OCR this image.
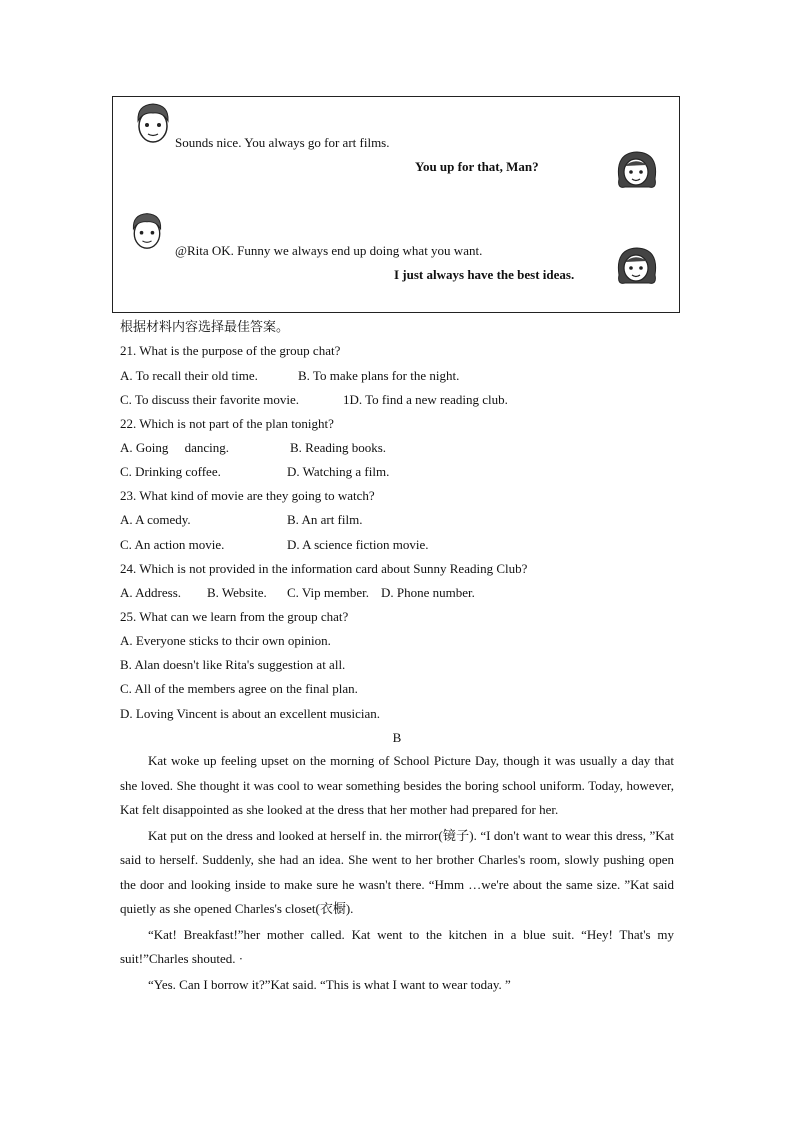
Sounds nice. You always go for art films.
You up for that, Man?
@Rita OK. Funny we always end up doing what you want.
I just always have the best ideas.
根据材料内容选择最佳答案。
21. What is the purpose of the group chat?
A. To recall their old time.	B. To make plans for the night.
C. To discuss their favorite movie.	1D. To find a new reading club.
22. Which is not part of the plan tonight?
A. Going     dancing.	B. Reading books.
C. Drinking coffee.	D. Watching a film.
23. What kind of movie are they going to watch?
A. A comedy.	B. An art film.
C. An action movie.	D. A science fiction movie.
24. Which is not provided in the information card about Sunny Reading Club?
A. Address. B. Website. C. Vip member. D. Phone number.
25. What can we learn from the group chat?
A. Everyone sticks to thcir own opinion.
B. Alan doesn't like Rita's suggestion at all.
C. All of the members agree on the final plan.
D. Loving Vincent is about an excellent musician.
B

Kat woke up feeling upset on the morning of School Picture Day, though it was usually a day that she loved. She thought it was cool to wear something besides the boring school uniform. Today, however, Kat felt disappointed as she looked at the dress that her mother had prepared for her.

Kat put on the dress and looked at herself in. the mirror(镜子). “I don't want to wear this dress, ”Kat said to herself. Suddenly, she had an idea. She went to her brother Charles's room, slowly pushing open the door and looking inside to make sure he wasn't there. “Hmm …we're about the same size. ”Kat said quietly as she opened Charles's closet(衣橱).

“Kat! Breakfast!”her mother called. Kat went to the kitchen in a blue suit. “Hey! That's my suit!”Charles shouted. ·

“Yes. Can I borrow it?”Kat said. “This is what I want to wear today. ”
